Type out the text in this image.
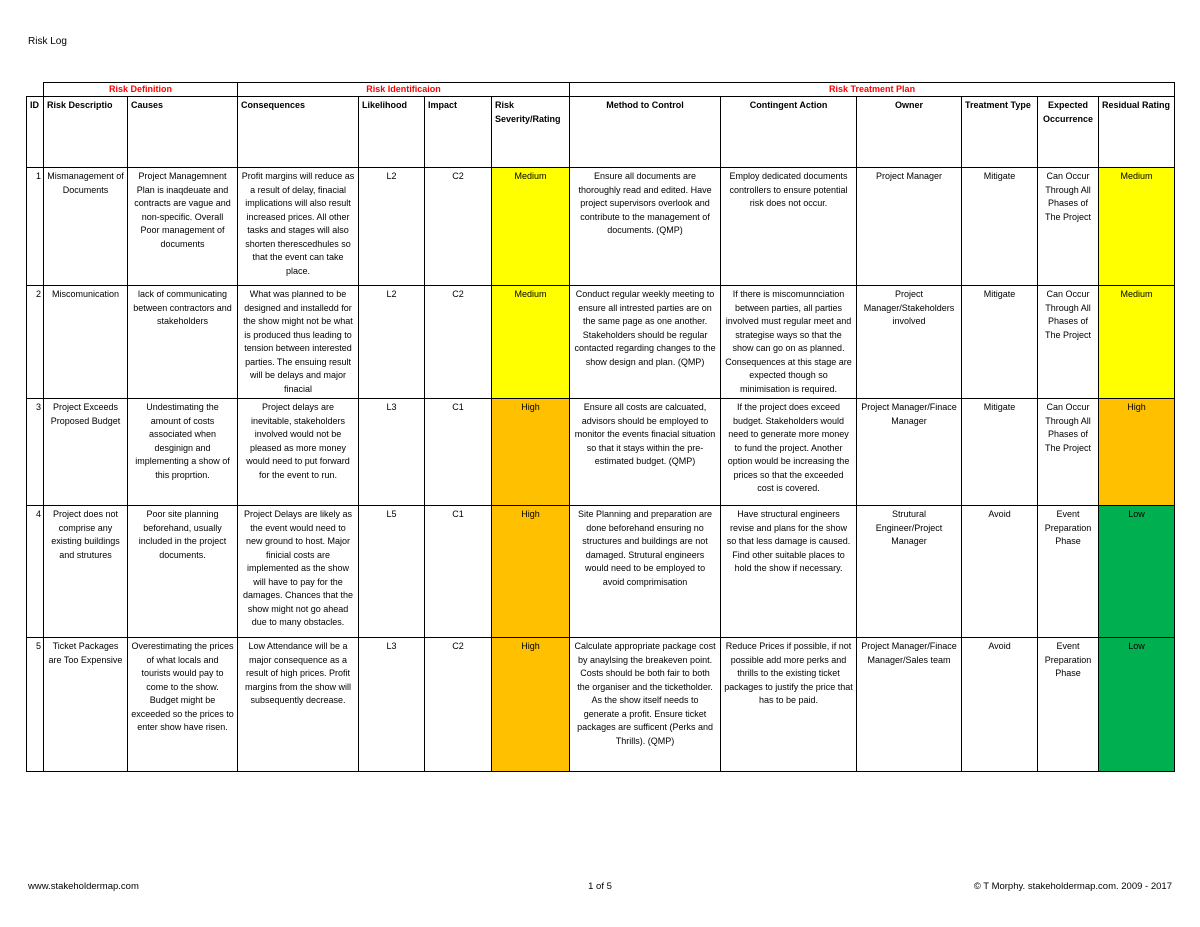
Risk Log
	Risk Definition		Risk Identificaion				Risk Treatment Plan					
ID	Risk Descriptio	Causes	Consequences	Likelihood	Impact	Risk Severity/Rating	Method to Control	Contingent Action	Owner	Treatment Type	Expected Occurrence	Residual Rating
1	Mismanagement of Documents	Project Managemnent Plan is inaqdeuate and contracts are vague and non-specific. Overall Poor management of documents	Profit margins will reduce as a result of delay, finacial implications will also result increased prices. All other tasks and stages will also shorten therescedhules so that the event can take place.	L2	C2	Medium	Ensure all documents are thoroughly read and edited. Have project supervisors overlook and contribute to the management of documents. (QMP)	Employ dedicated documents controllers to ensure potential risk does not occur.	Project Manager	Mitigate	Can Occur Through All Phases of The Project	Medium
2	Miscomunication	lack of communicating between contractors and stakeholders	What was planned to be designed and installedd for the show might not be what is produced thus leading to tension between interested parties. The ensuing result will be delays and major finacial	L2	C2	Medium	Conduct regular weekly meeting to ensure all intrested parties are on the same page as one another. Stakeholders should be regular contacted regarding changes to the show design and plan. (QMP)	If there is miscomunnciation between parties, all parties involved must regular meet and strategise ways so that the show can go on as planned. Consequences at this stage are expected though so minimisation is required.	Project Manager/Stakeholders involved	Mitigate	Can Occur Through All Phases of The Project	Medium
3	Project Exceeds Proposed Budget	Undestimating the amount of costs associated when desginign and implementing a show of this proprtion.	Project delays are inevitable, stakeholders involved would not be pleased as more money would need to put forward for the event to run.	L3	C1	High	Ensure all costs are calcuated, advisors should be employed to monitor the events finacial situation so that it stays within the pre-estimated budget. (QMP)	If the project does exceed budget. Stakeholders would need to generate more money to fund the project. Another option would be increasing the prices so that the exceeded cost is covered.	Project Manager/Finace Manager	Mitigate	Can Occur Through All Phases of The Project	High
4	Project does not comprise any existing buildings and strutures	Poor site planning beforehand, usually included in the project documents.	Project Delays are likely as the event would need to new ground to host. Major finicial costs are implemented as the show will have to pay for the damages. Chances that the show might not go ahead due to many obstacles.	L5	C1	High	Site Planning and preparation are done beforehand ensuring no structures and buildings are not damaged. Strutural engineers would need to be employed to avoid comprimisation	Have structural engineers revise and plans for the show so that less damage is caused. Find other suitable places to hold the show if necessary.	Strutural Engineer/Project Manager	Avoid	Event Preparation Phase	Low
5	Ticket Packages are Too Expensive	Overestimating the prices of what locals and tourists would pay to come to the show. Budget might be exceeded so the prices to enter show have risen.	Low Attendance will be a major consequence as a result of high prices. Profit margins from the show will subsequently decrease.	L3	C2	High	Calculate appropriate package cost by anaylsing the breakeven point. Costs should be both fair to both the organiser and the ticketholder. As the show itself needs to generate a profit. Ensure ticket packages are sufficent (Perks and Thrills). (QMP)	Reduce Prices if possible, if not possible add more perks and thrills to the existing ticket packages to justify the price that has to be paid.	Project Manager/Finace Manager/Sales team	Avoid	Event Preparation Phase	Low
www.stakeholdermap.com	1 of 5	© T Morphy. stakeholdermap.com. 2009 - 2017
